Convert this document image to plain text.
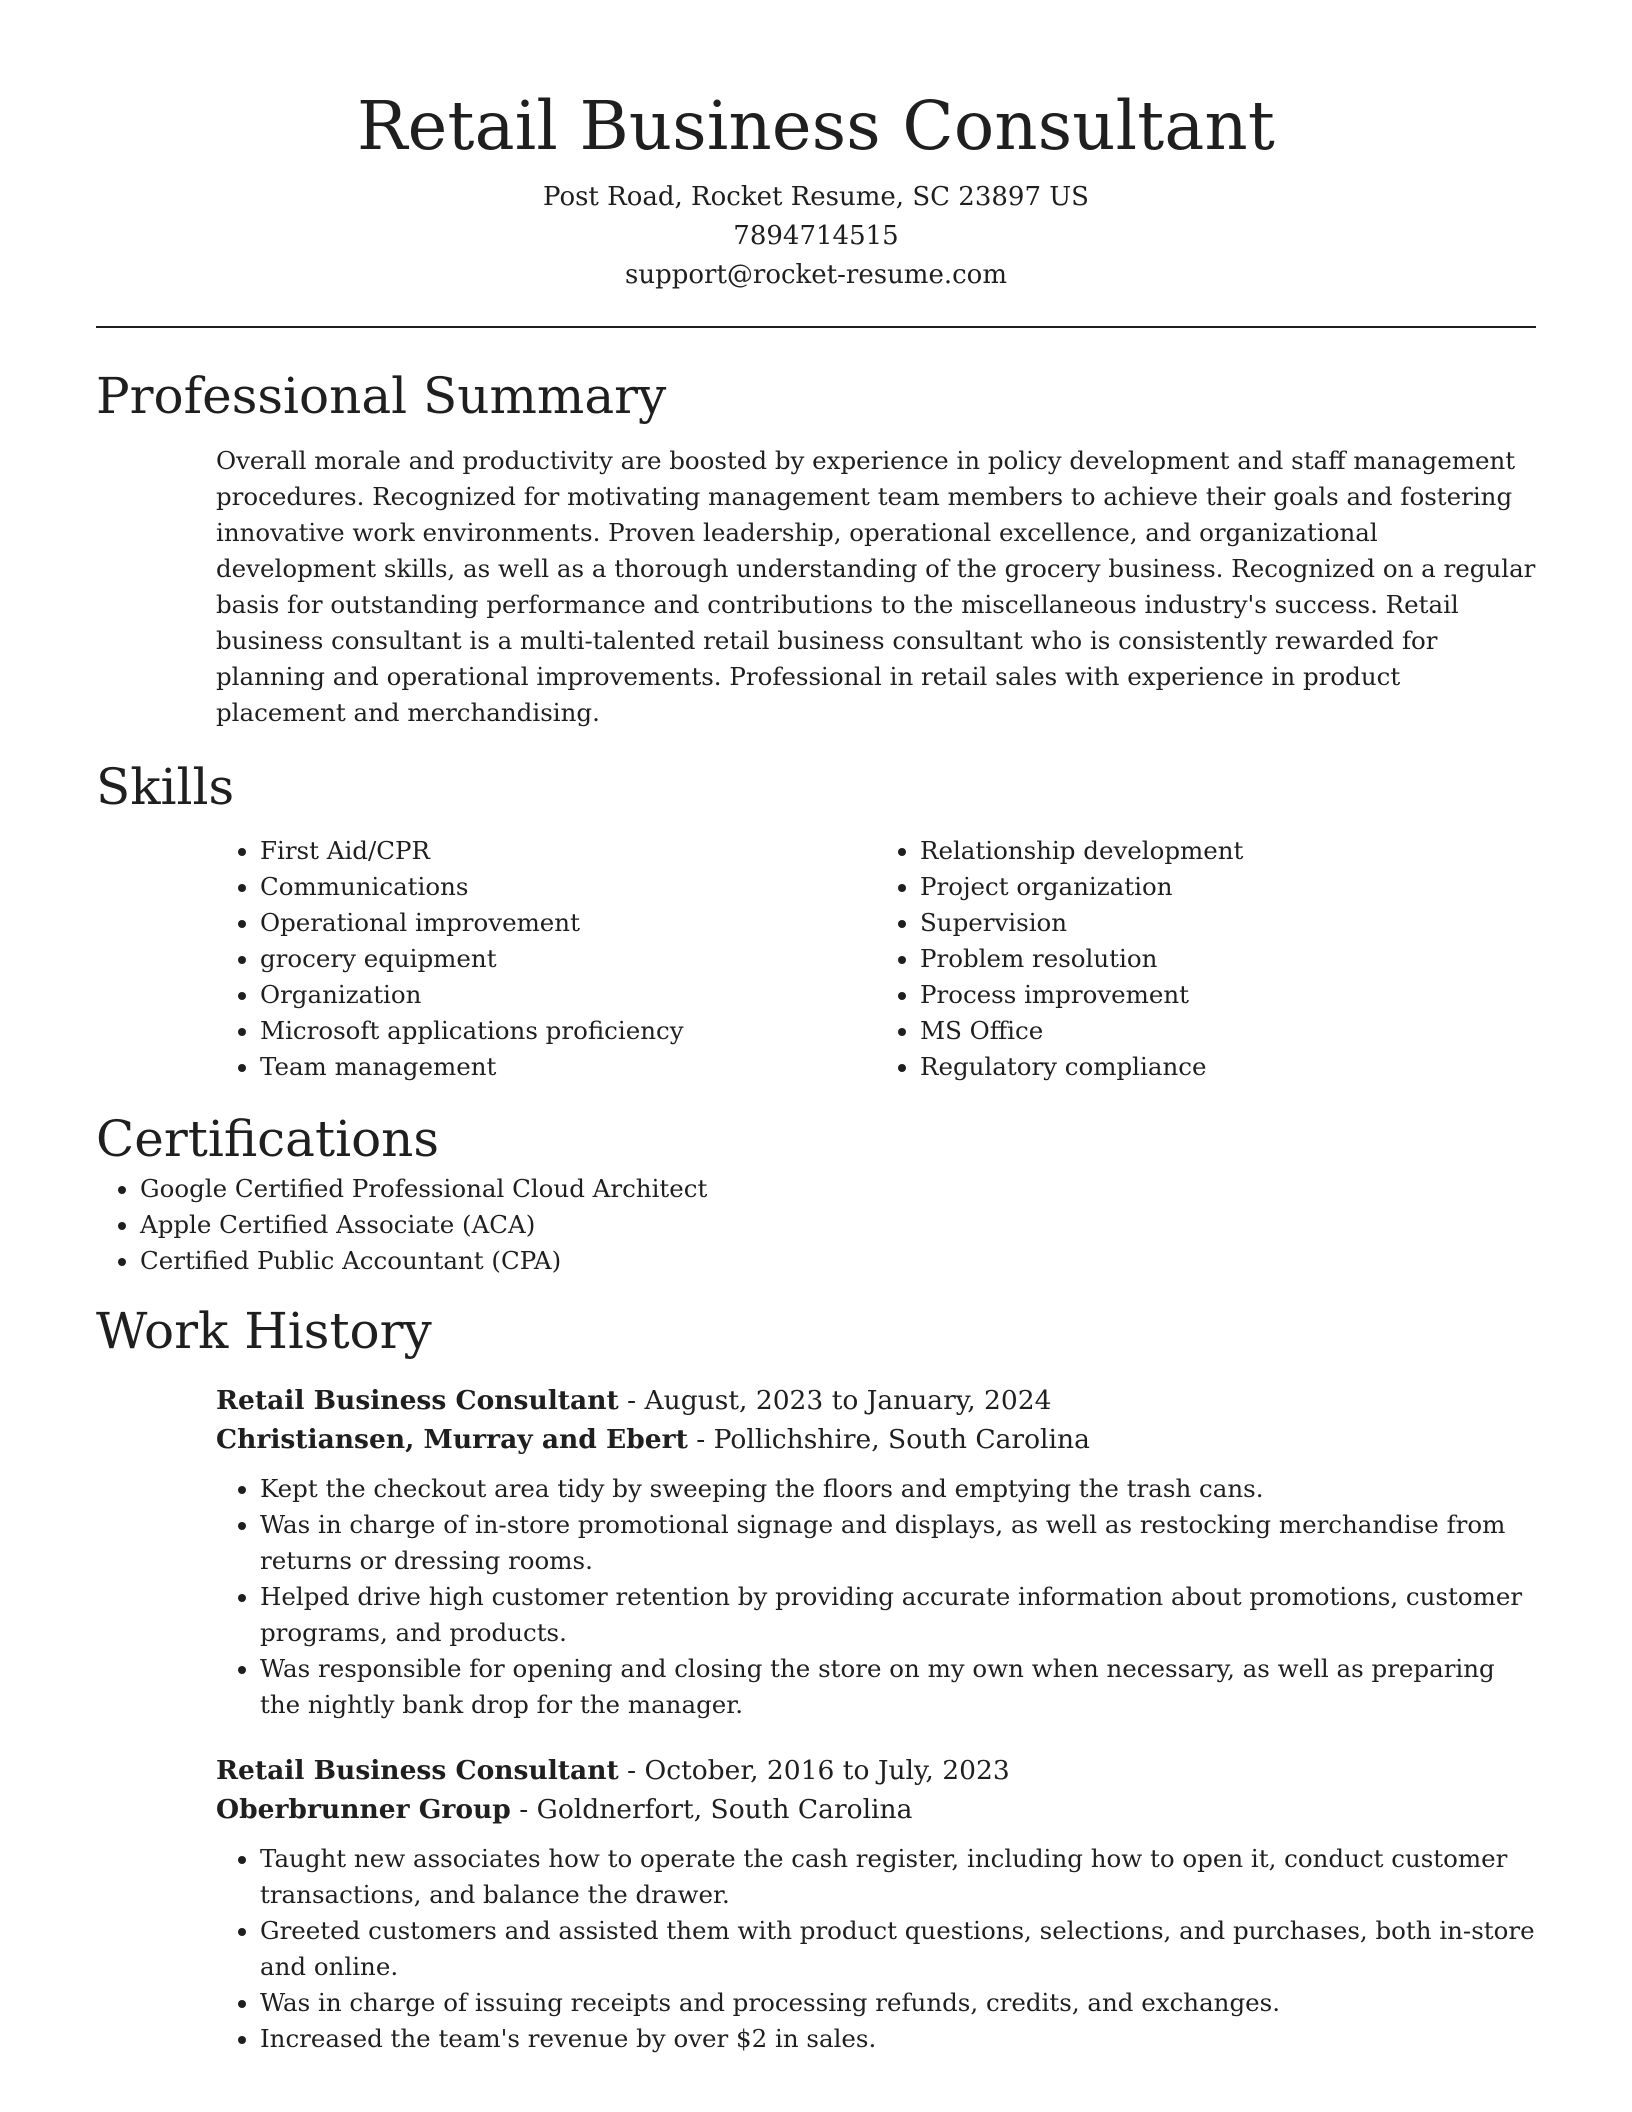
Retail Business Consultant
Post Road, Rocket Resume, SC 23897 US
7894714515
support@rocket-resume.com
Professional Summary

Overall morale and productivity are boosted by experience in policy development and staff management procedures. Recognized for motivating management team members to achieve their goals and fostering innovative work environments. Proven leadership, operational excellence, and organizational development skills, as well as a thorough understanding of the grocery business. Recognized on a regular basis for outstanding performance and contributions to the miscellaneous industry's success. Retail business consultant is a multi-talented retail business consultant who is consistently rewarded for planning and operational improvements. Professional in retail sales with experience in product placement and merchandising.

Skills
• First Aid/CPR
• Communications
• Operational improvement
• grocery equipment
• Organization
• Microsoft applications proficiency
• Team management
• Relationship development
• Project organization
• Supervision
• Problem resolution
• Process improvement
• MS Office
• Regulatory compliance
Certifications
• Google Certified Professional Cloud Architect
• Apple Certified Associate (ACA)
• Certified Public Accountant (CPA)
Work History
Retail Business Consultant - August, 2023 to January, 2024
Christiansen, Murray and Ebert - Pollichshire, South Carolina
• Kept the checkout area tidy by sweeping the floors and emptying the trash cans.
• Was in charge of in-store promotional signage and displays, as well as restocking merchandise from returns or dressing rooms.
• Helped drive high customer retention by providing accurate information about promotions, customer programs, and products.
• Was responsible for opening and closing the store on my own when necessary, as well as preparing the nightly bank drop for the manager.
Retail Business Consultant - October, 2016 to July, 2023
Oberbrunner Group - Goldnerfort, South Carolina
• Taught new associates how to operate the cash register, including how to open it, conduct customer transactions, and balance the drawer.
• Greeted customers and assisted them with product questions, selections, and purchases, both in-store and online.
• Was in charge of issuing receipts and processing refunds, credits, and exchanges.
• Increased the team's revenue by over $2 in sales.
